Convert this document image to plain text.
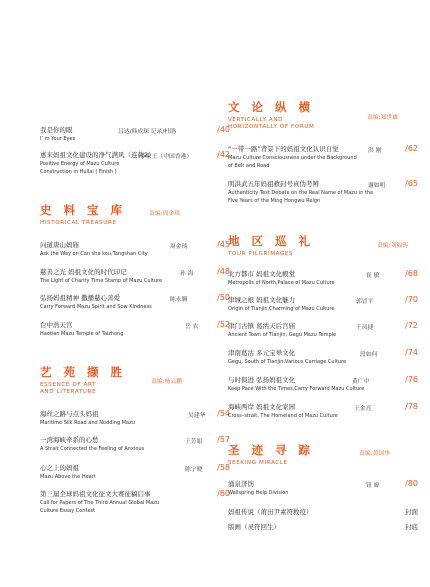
我是你的眼
I’ m Your Eyes
吕达/韩成琛 记录/杜鹃	/40
惠来妈祖文化建设的净气满风（连载2）
Positive Energy of Mazu Culture
Construction in Huilai ( Finish )
李家王（中国香港）	/42
史 料 宝 库
HISTORICAL TREASURE
责编:周金琰
问道唐山妈庙
Ask the Way on Can sha kou,Tangshan City
周金琰	/45
慈善之光 妈祖文化的时代印记
The Light of Charity Time Stamp of Mazu Culture
孙 海	/48
弘扬妈祖精神 撒播慈心善爱
Carry Forward Mazu Spirit and Sow Kindness
陈永腾	/50
台中浩天宫
Haotian Mazu Temple of Taizhong
岳 农 /52
艺 苑 撷 胜
ESSENCE OF ART
AND LITERATURE
责编:杨云鹏
海丝之路与点头妈祖
Maritime Silk Road and Nodding Mazu
吴建华 /54
一湾海峡牵系的心愁
A Strait Connected the Feeling of Anxious
王芳娟 /57
心之上的妈祖
Mazu Above the Heart
陈宁晓 /58
第三届全球妈祖文化征文大赛征稿启事
Call for Papers of The Third Annual Global Mazu
Culture Essay Contest
/60
文 论 纵 横
VERTICALLY AND
HORIZONTALLY OF FORUM
责编:郑世雄
“一带一路”背景下的妈祖文化认识自觉
Mazu Culture Consciousness under the Background
of Belt and Road
洪 刚	/62
明洪武五年妈祖救封号真伪考辨
Authenticity Test Debate on the Real Name of Mazu in the
Five Years of the Ming Hongwu Reign
谢如明 /65
地 区 巡 礼
TOUR PILGRIMAGES
责编:刘福铸
北方都市 妈祖文化殿堂
Metropolis of North,Palace of Mazu Culture
崔 敏	/68
津城之根 妈祖文化魅力
Origin of Tianjin,Charming of Mazu Culture
郭冒平	/70
津门古镇 葛沽天后宫庙
Ancient Town of Tianjin, Gegu Mazu Temple
王凤捷	/72
津南葛沽 多元宝辇文化
Gegu, South of Tianjin,Various Carriage Culture
段如何	/74
与时俱进 弘扬妈祖文化
Keep Pace With the Times,Carry Forward Mazu Culture
黄广中	/76
海峡两岸 妈祖文化家园
Cross–strait, The Homeland of Mazu Culture
王金亮	/78
圣 迹 寻 踪
SEEKING MIRACLE
责编:黄国华
涌泉济饬
Wellspring Help Division
钮 暐	/80
妈祖传说（莆田尹素符救疫）	封面
版画（灵符回生）	封底
